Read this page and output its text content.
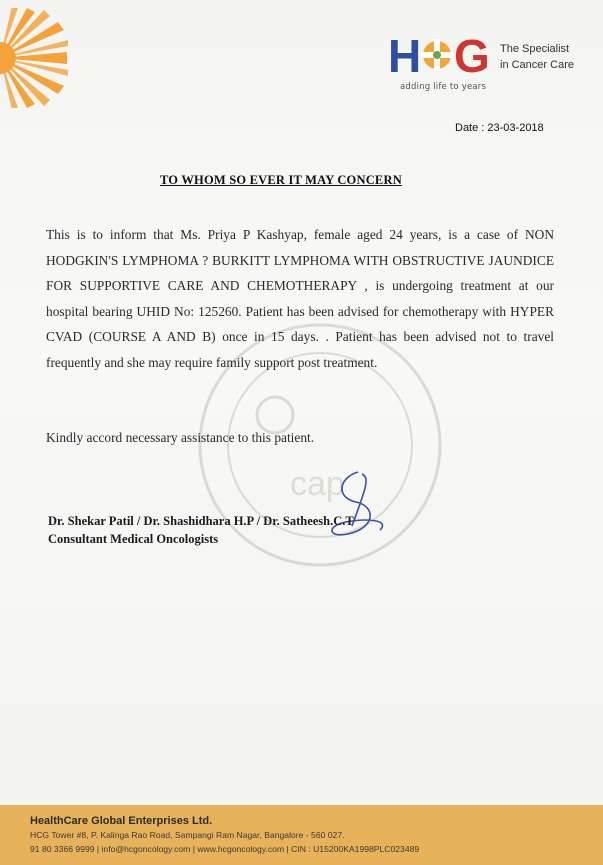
H G
adding life to years
The Specialist
in Cancer Care
Date : 23-03-2018
TO WHOM SO EVER IT MAY CONCERN
cap
This is to inform that Ms. Priya P Kashyap, female aged 24 years, is a case of NON HODGKIN'S LYMPHOMA ? BURKITT LYMPHOMA WITH OBSTRUCTIVE JAUNDICE FOR SUPPORTIVE CARE AND CHEMOTHERAPY , is undergoing treatment at our hospital bearing UHID No: 125260. Patient has been advised for chemotherapy with HYPER CVAD (COURSE A AND B) once in 15 days. . Patient has been advised not to travel frequently and she may require family support post treatment.
Kindly accord necessary assistance to this patient.
Dr. Shekar Patil / Dr. Shashidhara H.P / Dr. Satheesh.C.T
Consultant Medical Oncologists
HealthCare Global Enterprises Ltd.
HCG Tower #8, P. Kalinga Rao Road, Sampangi Ram Nagar, Bangalore - 560 027.
91 80 3366 9999 | info@hcgoncology.com | www.hcgoncology.com | CIN : U15200KA1998PLC023489
